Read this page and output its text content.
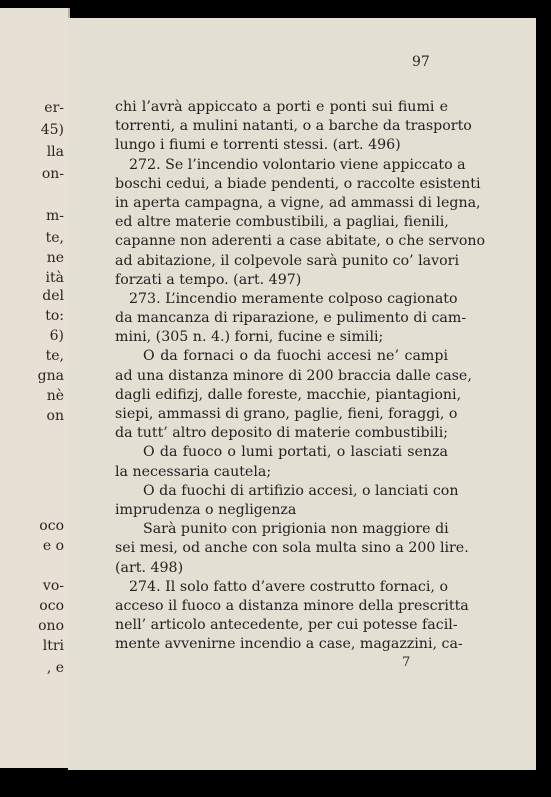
er-
45)
lla
on-
m-
te,
ne
ità
del
to:
6)
te,
gna
nè
on
oco
e o
vo-
oco
ono
ltri
, e
97
chi l’avrà appiccato a porti e ponti sui fiumi e
torrenti, a mulini natanti, o a barche da trasporto
lungo i fiumi e torrenti stessi. (art. 496)
272. Se l’incendio volontario viene appiccato a
boschi cedui, a biade pendenti, o raccolte esistenti
in aperta campagna, a vigne, ad ammassi di legna,
ed altre materie combustibili, a pagliai, fienili,
capanne non aderenti a case abitate, o che servono
ad abitazione, il colpevole sarà punito co’ lavori
forzati a tempo. (art. 497)
273. L’incendio meramente colposo cagionato
da mancanza di riparazione, e pulimento di cam-
mini, (305 n. 4.) forni, fucine e simili;
O da fornaci o da fuochi accesi ne’ campi
ad una distanza minore di 200 braccia dalle case,
dagli edifizj, dalle foreste, macchie, piantagioni,
siepi, ammassi di grano, paglie, fieni, foraggi, o
da tutt’ altro deposito di materie combustibili;
O da fuoco o lumi portati, o lasciati senza
la necessaria cautela;
O da fuochi di artifizio accesi, o lanciati con
imprudenza o negligenza
Sarà punito con prigionia non maggiore di
sei mesi, od anche con sola multa sino a 200 lire.
(art. 498)
274. Il solo fatto d’avere costrutto fornaci, o
acceso il fuoco a distanza minore della prescritta
nell’ articolo antecedente, per cui potesse facil-
mente avvenirne incendio a case, magazzini, ca-
7
